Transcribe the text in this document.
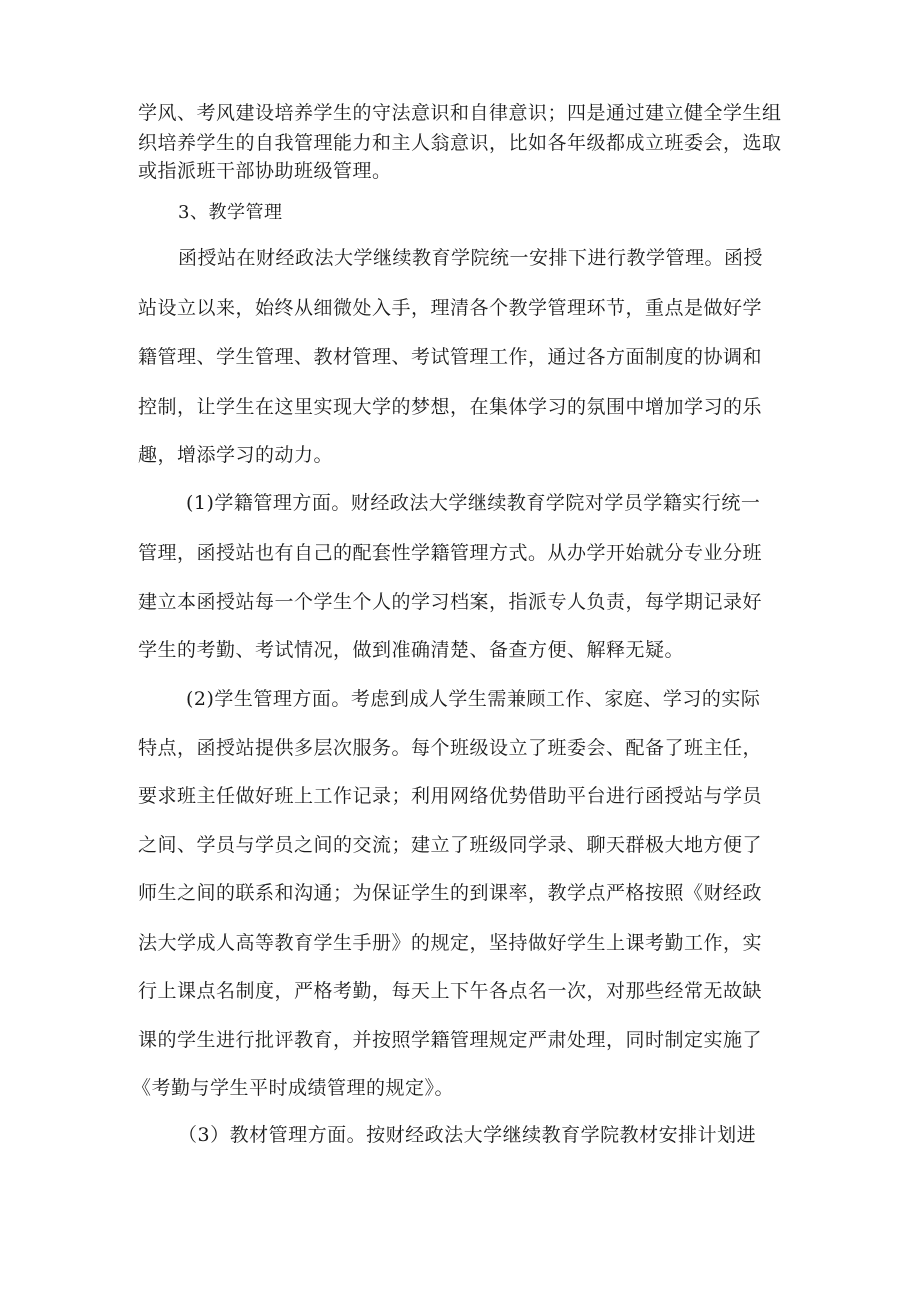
学风、考风建设培养学生的守法意识和自律意识；四是通过建立健全学生组
织培养学生的自我管理能力和主人翁意识，比如各年级都成立班委会，选取
或指派班干部协助班级管理。
3、教学管理
函授站在财经政法大学继续教育学院统一安排下进行教学管理。函授
站设立以来，始终从细微处入手，理清各个教学管理环节，重点是做好学
籍管理、学生管理、教材管理、考试管理工作，通过各方面制度的协调和
控制，让学生在这里实现大学的梦想，在集体学习的氛围中增加学习的乐
趣，增添学习的动力。
(1)学籍管理方面。财经政法大学继续教育学院对学员学籍实行统一
管理，函授站也有自己的配套性学籍管理方式。从办学开始就分专业分班
建立本函授站每一个学生个人的学习档案，指派专人负责，每学期记录好
学生的考勤、考试情况，做到准确清楚、备查方便、解释无疑。
(2)学生管理方面。考虑到成人学生需兼顾工作、家庭、学习的实际
特点，函授站提供多层次服务。每个班级设立了班委会、配备了班主任，
要求班主任做好班上工作记录；利用网络优势借助平台进行函授站与学员
之间、学员与学员之间的交流；建立了班级同学录、聊天群极大地方便了
师生之间的联系和沟通；为保证学生的到课率，教学点严格按照《财经政
法大学成人高等教育学生手册》的规定，坚持做好学生上课考勤工作，实
行上课点名制度，严格考勤，每天上下午各点名一次，对那些经常无故缺
课的学生进行批评教育，并按照学籍管理规定严肃处理，同时制定实施了
《考勤与学生平时成绩管理的规定》。
（3）教材管理方面。按财经政法大学继续教育学院教材安排计划进
